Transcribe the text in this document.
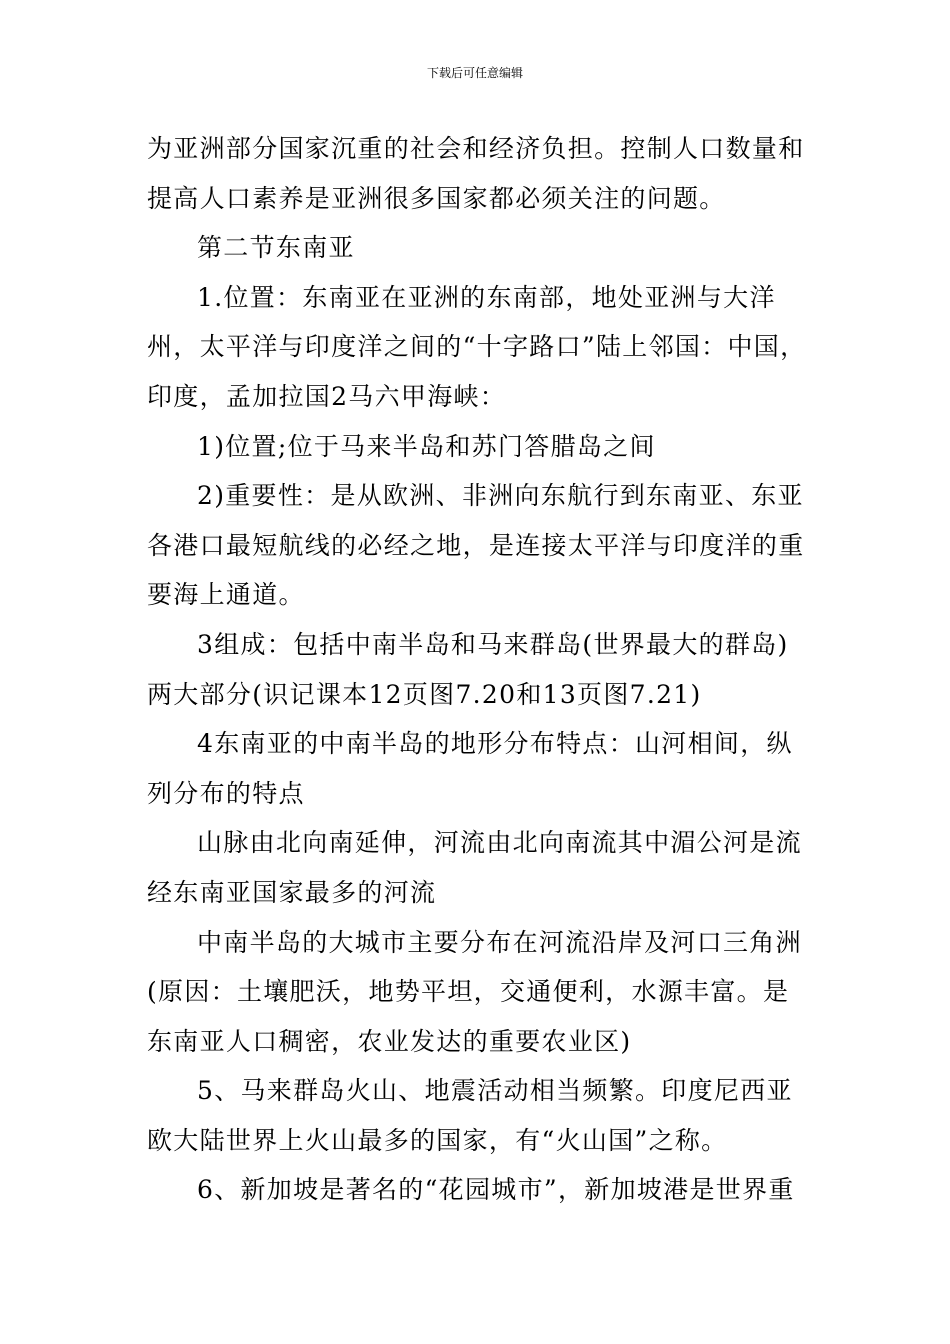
下载后可任意编辑

为亚洲部分国家沉重的社会和经济负担。控制人口数量和提高人口素养是亚洲很多国家都必须关注的问题。

第二节东南亚

1.位置：东南亚在亚洲的东南部，地处亚洲与大洋州，太平洋与印度洋之间的“十字路口”陆上邻国：中国，印度，孟加拉国2马六甲海峡：

1)位置;位于马来半岛和苏门答腊岛之间

2)重要性：是从欧洲、非洲向东航行到东南亚、东亚各港口最短航线的必经之地，是连接太平洋与印度洋的重要海上通道。

3组成：包括中南半岛和马来群岛(世界最大的群岛)两大部分(识记课本12页图7.20和13页图7.21)

4东南亚的中南半岛的地形分布特点：山河相间，纵列分布的特点

山脉由北向南延伸，河流由北向南流其中湄公河是流经东南亚国家最多的河流

中南半岛的大城市主要分布在河流沿岸及河口三角洲(原因：土壤肥沃，地势平坦，交通便利，水源丰富。是东南亚人口稠密，农业发达的重要农业区)

5、马来群岛火山、地震活动相当频繁。印度尼西亚欧大陆世界上火山最多的国家，有“火山国”之称。

6、新加坡是著名的“花园城市”，新加坡港是世界重
